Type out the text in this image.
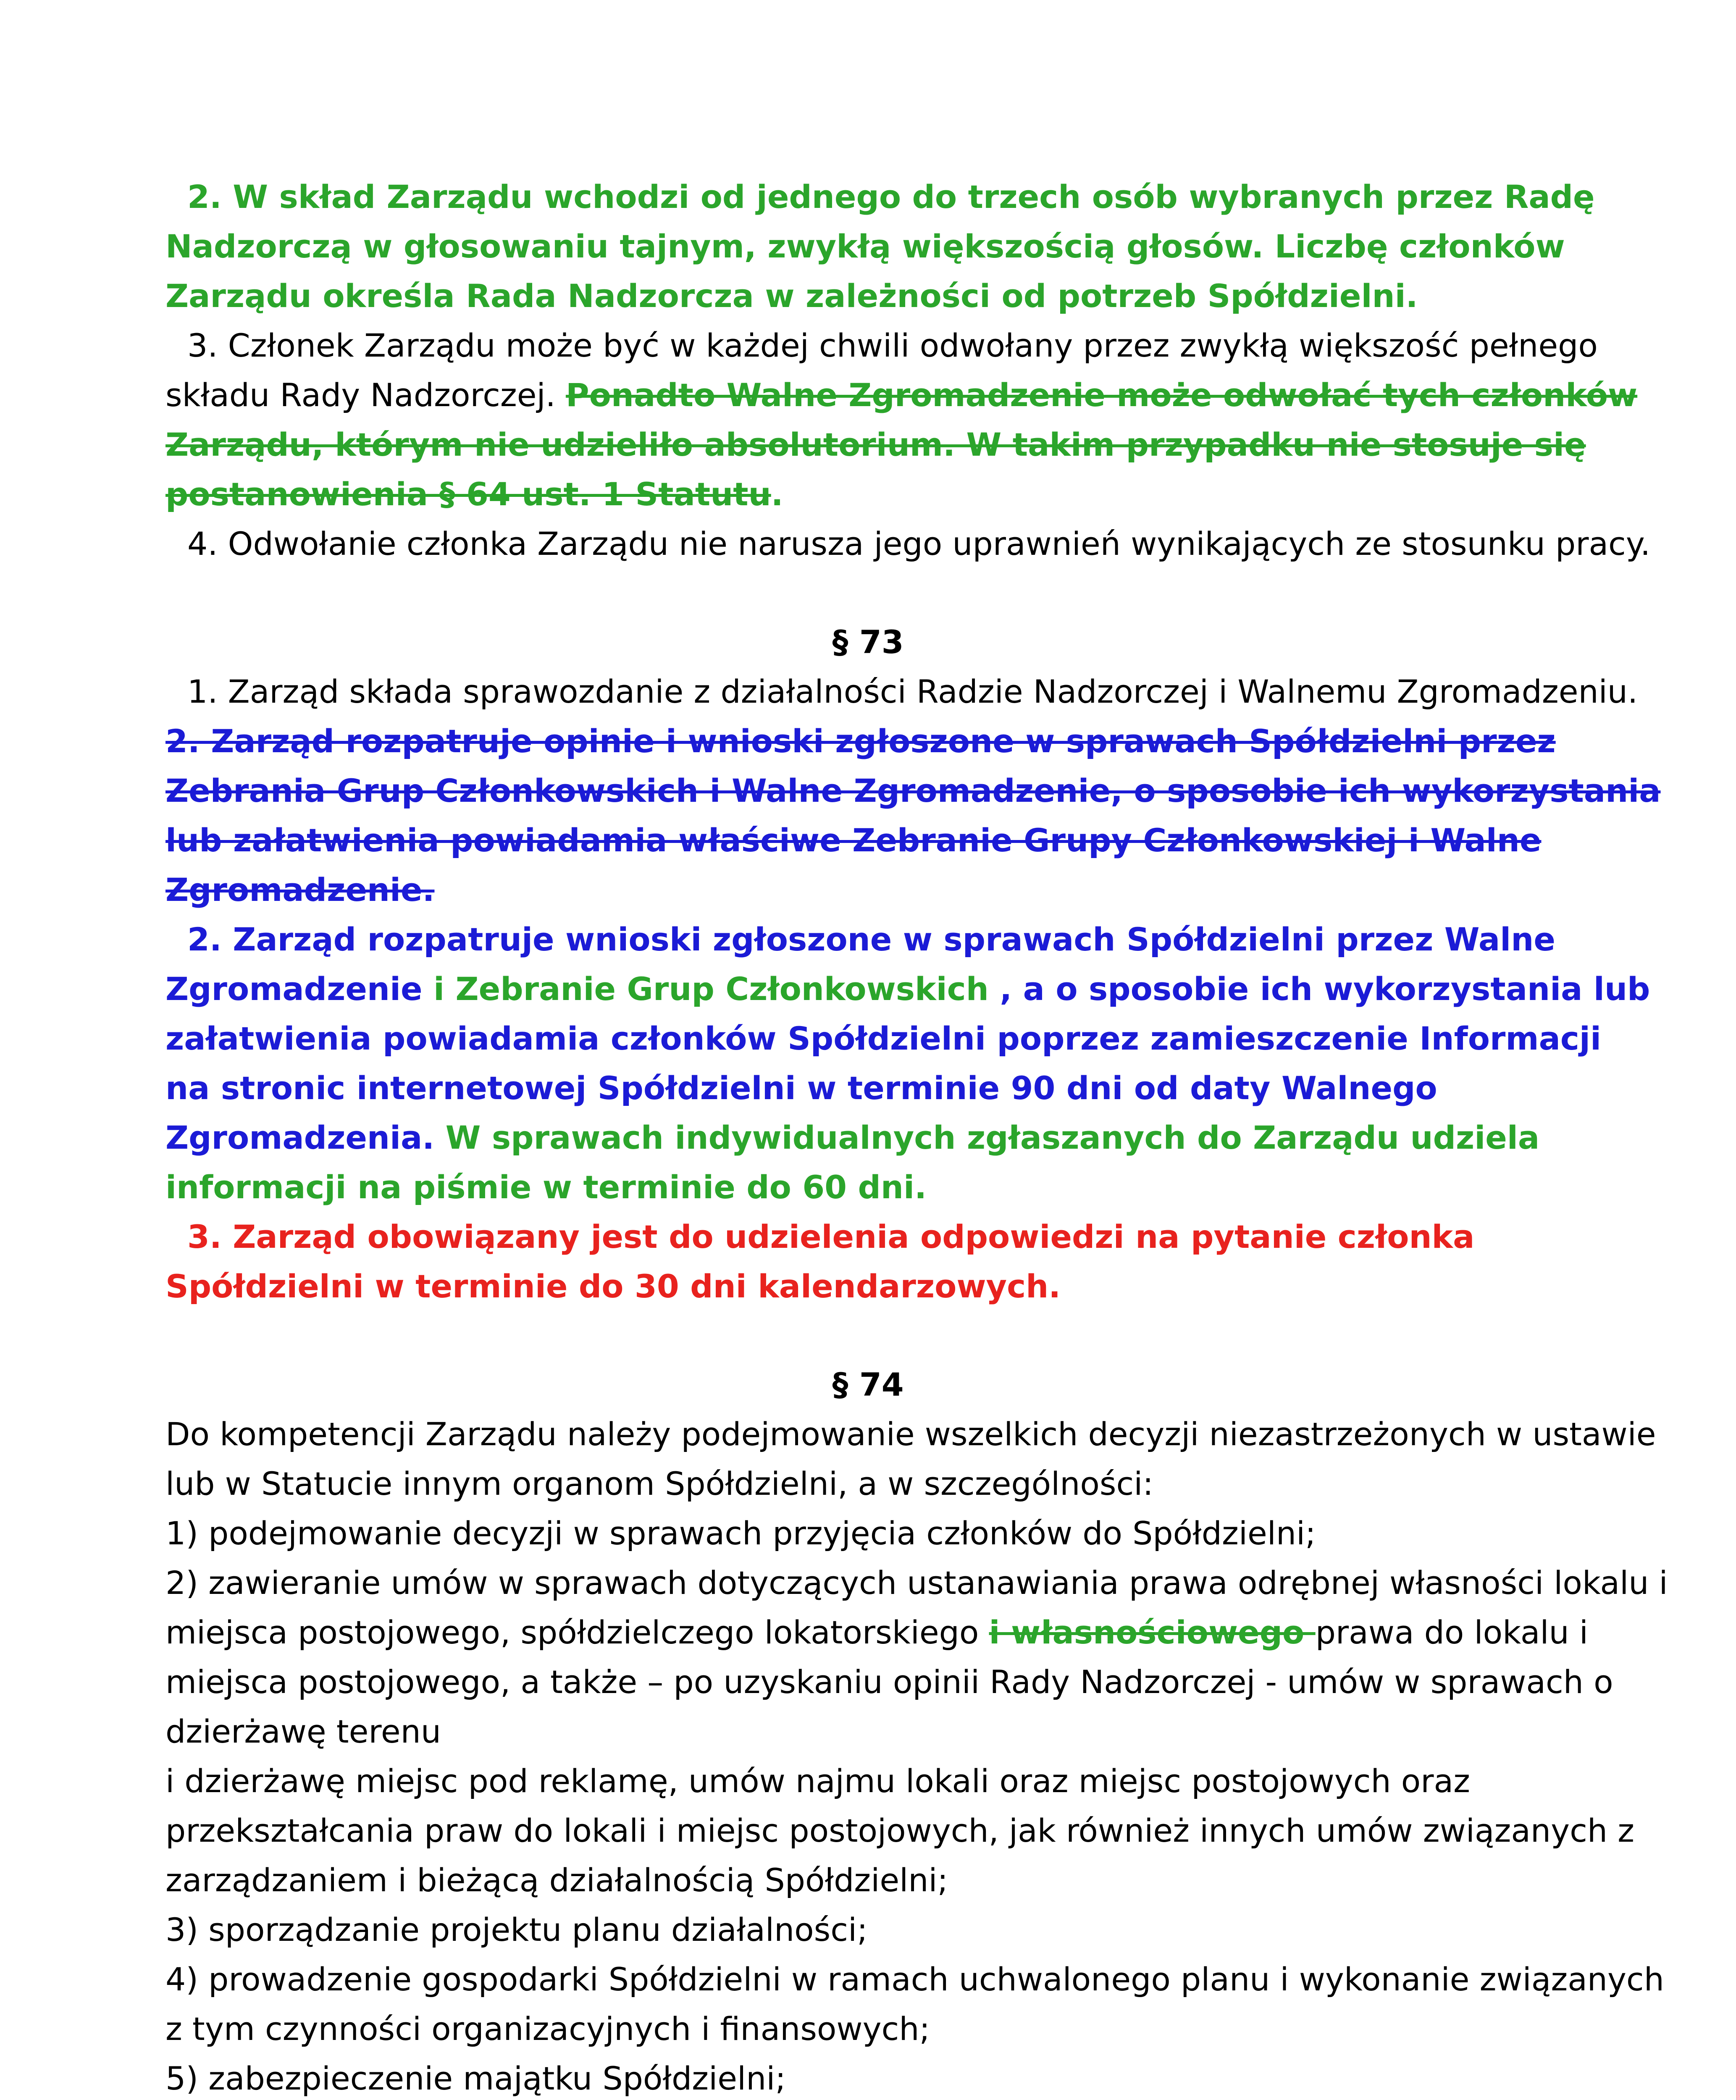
2. W skład Zarządu wchodzi od jednego do trzech osób wybranych przez Radę
Nadzorczą w głosowaniu tajnym, zwykłą większością głosów. Liczbę członków
Zarządu określa Rada Nadzorcza w zależności od potrzeb Spółdzielni.
3. Członek Zarządu może być w każdej chwili odwołany przez zwykłą większość pełnego
składu Rady Nadzorczej. Ponadto Walne Zgromadzenie może odwołać tych członków
Zarządu, którym nie udzieliło absolutorium. W takim przypadku nie stosuje się
postanowienia § 64 ust. 1 Statutu.
4. Odwołanie członka Zarządu nie narusza jego uprawnień wynikających ze stosunku pracy.
§ 73
1. Zarząd składa sprawozdanie z działalności Radzie Nadzorczej i Walnemu Zgromadzeniu.
2. Zarząd rozpatruje opinie i wnioski zgłoszone w sprawach Spółdzielni przez
Zebrania Grup Członkowskich i Walne Zgromadzenie, o sposobie ich wykorzystania
lub załatwienia powiadamia właściwe Zebranie Grupy Członkowskiej i Walne
Zgromadzenie.
2. Zarząd rozpatruje wnioski zgłoszone w sprawach Spółdzielni przez Walne
Zgromadzenie i Zebranie Grup Członkowskich , a o sposobie ich wykorzystania lub
załatwienia powiadamia członków Spółdzielni poprzez zamieszczenie Informacji
na stronic internetowej Spółdzielni w terminie 90 dni od daty Walnego
Zgromadzenia. W sprawach indywidualnych zgłaszanych do Zarządu udziela
informacji na piśmie w terminie do 60 dni.
3. Zarząd obowiązany jest do udzielenia odpowiedzi na pytanie członka
Spółdzielni w terminie do 30 dni kalendarzowych.
§ 74
Do kompetencji Zarządu należy podejmowanie wszelkich decyzji niezastrzeżonych w ustawie
lub w Statucie innym organom Spółdzielni, a w szczególności:
1) podejmowanie decyzji w sprawach przyjęcia członków do Spółdzielni;
2) zawieranie umów w sprawach dotyczących ustanawiania prawa odrębnej własności lokalu i
miejsca postojowego, spółdzielczego lokatorskiego i własnościowego prawa do lokalu i
miejsca postojowego, a także – po uzyskaniu opinii Rady Nadzorczej - umów w sprawach o
dzierżawę terenu
i dzierżawę miejsc pod reklamę, umów najmu lokali oraz miejsc postojowych oraz
przekształcania praw do lokali i miejsc postojowych, jak również innych umów związanych z
zarządzaniem i bieżącą działalnością Spółdzielni;
3) sporządzanie projektu planu działalności;
4) prowadzenie gospodarki Spółdzielni w ramach uchwalonego planu i wykonanie związanych
z tym czynności organizacyjnych i finansowych;
5) zabezpieczenie majątku Spółdzielni;
